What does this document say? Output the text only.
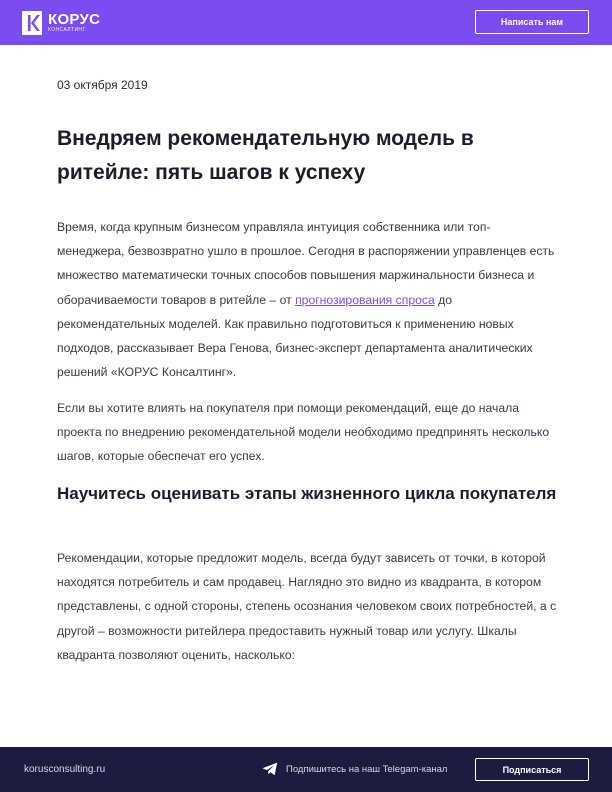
КОРУС
КОНСАЛТИНГ
Написать нам
03 октября 2019
Внедряем рекомендательную модель в ритейле: пять шагов к успеху

Время, когда крупным бизнесом управляла интуиция собственника или топ-менеджера, безвозвратно ушло в прошлое. Сегодня в распоряжении управленцев есть множество математически точных способов повышения маржинальности бизнеса и оборачиваемости товаров в ритейле – от прогнозирования спроса до рекомендательных моделей. Как правильно подготовиться к применению новых подходов, рассказывает Вера Генова, бизнес-эксперт департамента аналитических решений «КОРУС Консалтинг».

Если вы хотите влиять на покупателя при помощи рекомендаций, еще до начала проекта по внедрению рекомендательной модели необходимо предпринять несколько шагов, которые обеспечат его успех.

Научитесь оценивать этапы жизненного цикла покупателя

Рекомендации, которые предложит модель, всегда будут зависеть от точки, в которой находятся потребитель и сам продавец. Наглядно это видно из квадранта, в котором представлены, с одной стороны, степень осознания человеком своих потребностей, а с другой – возможности ритейлера предоставить нужный товар или услугу. Шкалы квадранта позволяют оценить, насколько:

korusconsulting.ru	Подпишитесь на наш Telegam-канал	Подписаться
